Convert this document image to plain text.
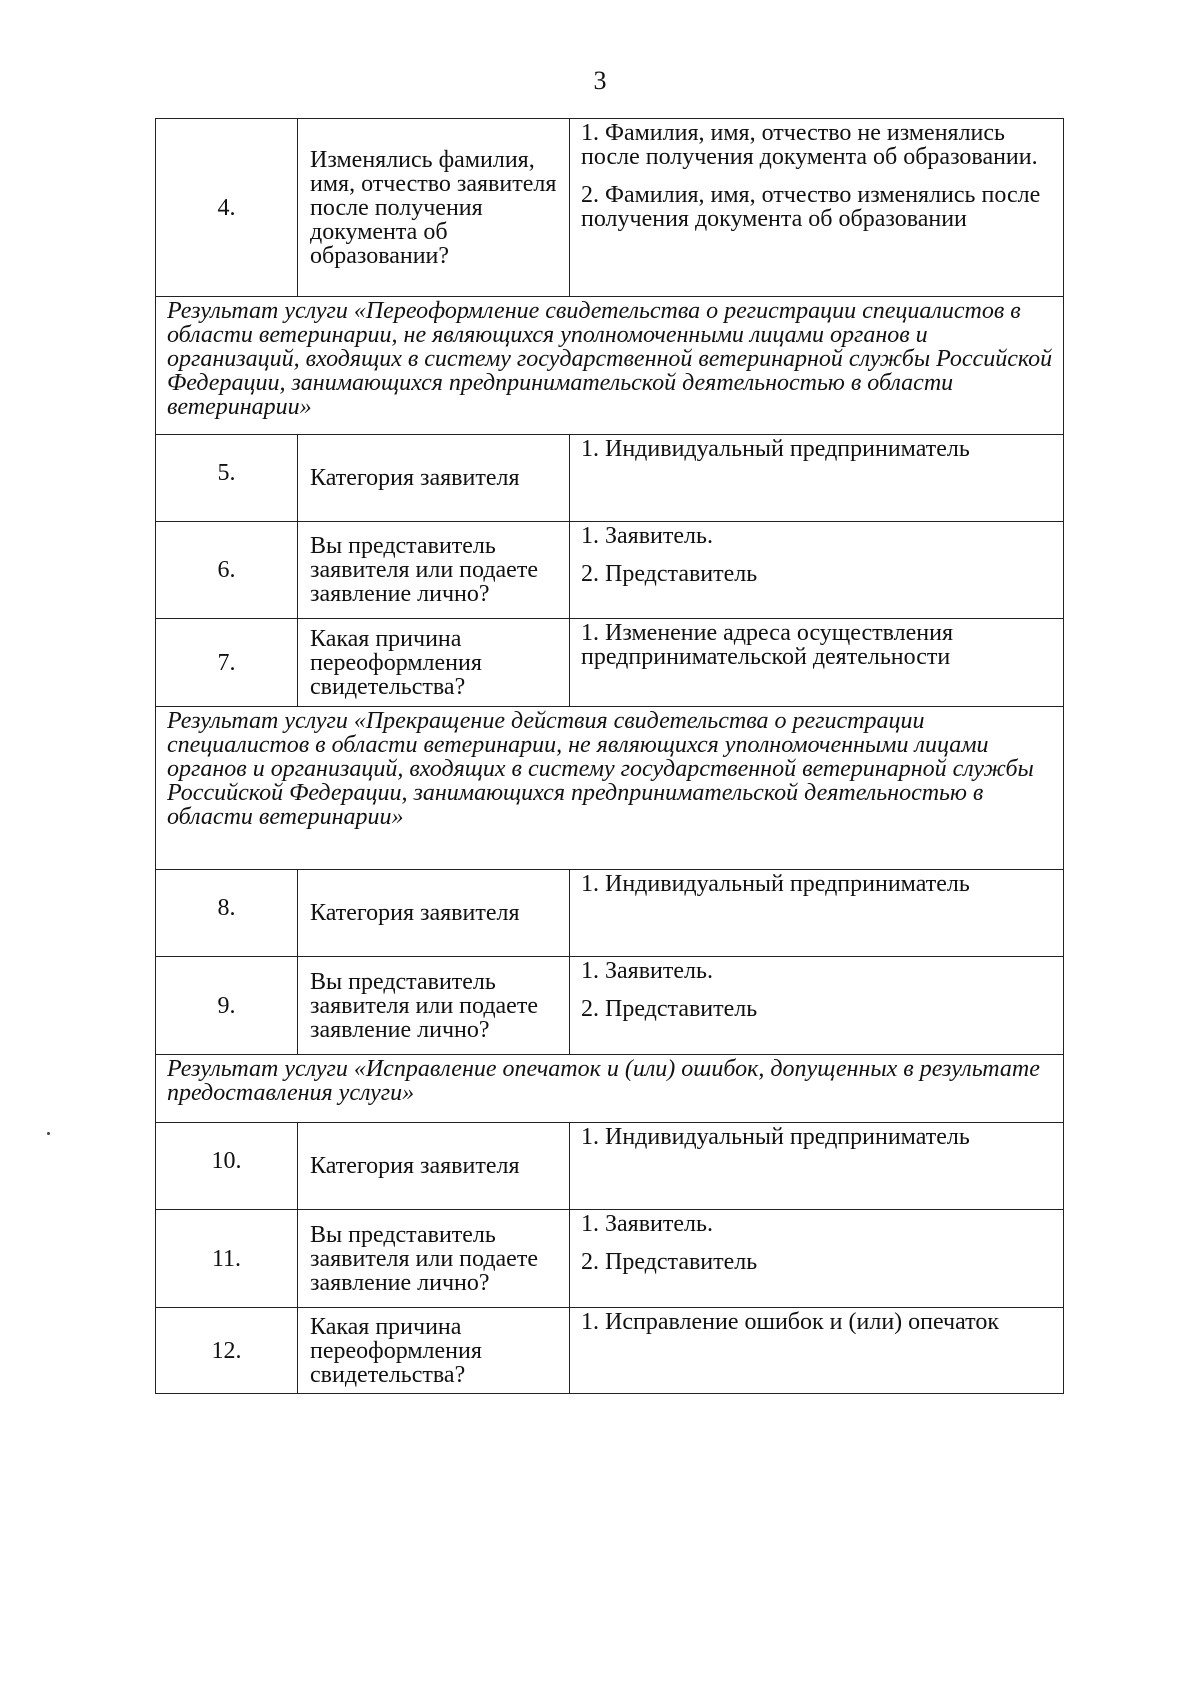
3
4.	Изменялись фамилия, имя, отчество заявителя после получения документа об образовании?	1. Фамилия, имя, отчество не изменялись после получения документа об образовании.
2. Фамилия, имя, отчество изменялись после получения документа об образовании

Результат услуги «Переоформление свидетельства о регистрации специалистов в области ветеринарии, не являющихся уполномоченными лицами органов и организаций, входящих в систему государственной ветеринарной службы Российской Федерации, занимающихся предпринимательской деятельностью в области ветеринарии»		
5.	Категория заявителя	1. Индивидуальный предприниматель

6.	Вы представитель заявителя или подаете заявление лично?	1. Заявитель.
2. Представитель

7.	Какая причина переоформления свидетельства?	1. Изменение адреса осуществления предпринимательской деятельности

Результат услуги «Прекращение действия свидетельства о регистрации специалистов в области ветеринарии, не являющихся уполномоченными лицами органов и организаций, входящих в систему государственной ветеринарной службы Российской Федерации, занимающихся предпринимательской деятельностью в области ветеринарии»		
8.	Категория заявителя	1. Индивидуальный предприниматель

9.	Вы представитель заявителя или подаете заявление лично?	1. Заявитель.
2. Представитель

Результат услуги «Исправление опечаток и (или) ошибок, допущенных в результате предоставления услуги»		
10.	Категория заявителя	1. Индивидуальный предприниматель

11.	Вы представитель заявителя или подаете заявление лично?	1. Заявитель.
2. Представитель

12.	Какая причина переоформления свидетельства?	1. Исправление ошибок и (или) опечаток
